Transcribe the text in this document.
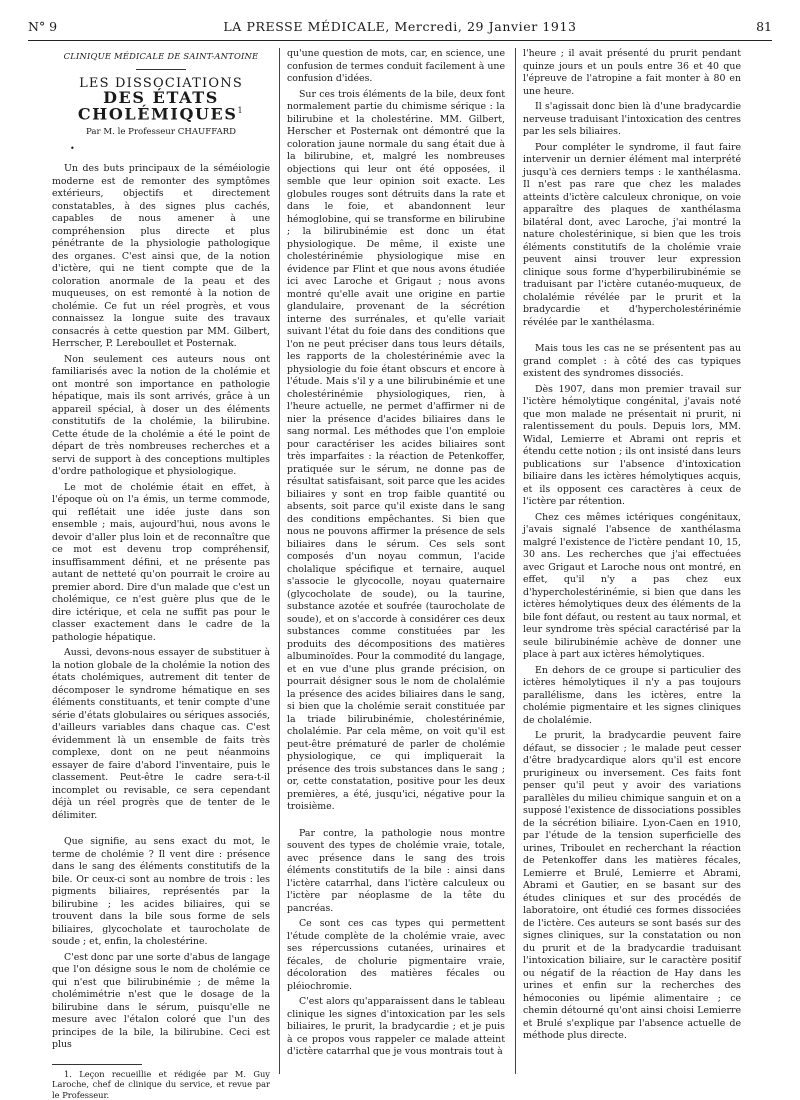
N° 9	LA PRESSE MÉDICALE, Mercredi, 29 Janvier 1913	81
CLINIQUE MÉDICALE DE SAINT-ANTOINE
LES DISSOCIATIONS
DES ÉTATS CHOLÉMIQUES$^1$
Par M. le Professeur CHAUFFARD
•

Un des buts principaux de la séméiologie moderne est de remonter des symptômes extérieurs, objectifs et directement constatables, à des signes plus cachés, capables de nous amener à une compréhension plus directe et plus pénétrante de la physiologie pathologique des organes. C'est ainsi que, de la notion d'ictère, qui ne tient compte que de la coloration anormale de la peau et des muqueuses, on est remonté à la notion de cholémie. Ce fut un réel progrès, et vous connaissez la longue suite des travaux consacrés à cette question par MM. Gilbert, Herrscher, P. Lereboullet et Posternak.

Non seulement ces auteurs nous ont familiarisés avec la notion de la cholémie et ont montré son importance en pathologie hépatique, mais ils sont arrivés, grâce à un appareil spécial, à doser un des éléments constitutifs de la cholémie, la bilirubine. Cette étude de la cholémie a été le point de départ de très nombreuses recherches et a servi de support à des conceptions multiples d'ordre pathologique et physiologique.

Le mot de cholémie était en effet, à l'époque où on l'a émis, un terme commode, qui reflétait une idée juste dans son ensemble ; mais, aujourd'hui, nous avons le devoir d'aller plus loin et de reconnaître que ce mot est devenu trop compréhensif, insuffisamment défini, et ne présente pas autant de netteté qu'on pourrait le croire au premier abord. Dire d'un malade que c'est un cholémique, ce n'est guère plus que de le dire ictérique, et cela ne suffit pas pour le classer exactement dans le cadre de la pathologie hépatique.

Aussi, devons-nous essayer de substituer à la notion globale de la cholémie la notion des états cholémiques, autrement dit tenter de décomposer le syndrome hématique en ses éléments constituants, et tenir compte d'une série d'états globulaires ou sériques associés, d'ailleurs variables dans chaque cas. C'est évidemment là un ensemble de faits très complexe, dont on ne peut néanmoins essayer de faire d'abord l'inventaire, puis le classement. Peut-être le cadre sera-t-il incomplet ou revisable, ce sera cependant déjà un réel progrès que de tenter de le délimiter.

Que signifie, au sens exact du mot, le terme de cholémie ? Il vent dire : présence dans le sang des éléments constitutifs de la bile. Or ceux-ci sont au nombre de trois : les pigments biliaires, représentés par la bilirubine ; les acides biliaires, qui se trouvent dans la bile sous forme de sels biliaires, glycocholate et taurocholate de soude ; et, enfin, la cholestérine.

C'est donc par une sorte d'abus de langage que l'on désigne sous le nom de cholémie ce qui n'est que bilirubinémie ; de même la cholémimétrie n'est que le dosage de la bilirubine dans le sérum, puisqu'elle ne mesure avec l'étalon coloré que l'un des principes de la bile, la bilirubine. Ceci est plus

1. Leçon recueillie et rédigée par M. Guy Laroche, chef de clinique du service, et revue par le Professeur.

qu'une question de mots, car, en science, une confusion de termes conduit facilement à une confusion d'idées.

Sur ces trois éléments de la bile, deux font normalement partie du chimisme sérique : la bilirubine et la cholestérine. MM. Gilbert, Herscher et Posternak ont démontré que la coloration jaune normale du sang était due à la bilirubine, et, malgré les nombreuses objections qui leur ont été opposées, il semble que leur opinion soit exacte. Les globules rouges sont détruits dans la rate et dans le foie, et abandonnent leur hémoglobine, qui se transforme en bilirubine ; la bilirubinémie est donc un état physiologique. De même, il existe une cholestérinémie physiologique mise en évidence par Flint et que nous avons étudiée ici avec Laroche et Grigaut ; nous avons montré qu'elle avait une origine en partie glandulaire, provenant de la sécrétion interne des surrénales, et qu'elle variait suivant l'état du foie dans des conditions que l'on ne peut préciser dans tous leurs détails, les rapports de la cholestérinémie avec la physiologie du foie étant obscurs et encore à l'étude. Mais s'il y a une bilirubinémie et une cholestérinémie physiologiques, rien, à l'heure actuelle, ne permet d'affirmer ni de nier la présence d'acides biliaires dans le sang normal. Les méthodes que l'on emploie pour caractériser les acides biliaires sont très imparfaites : la réaction de Petenkoffer, pratiquée sur le sérum, ne donne pas de résultat satisfaisant, soit parce que les acides biliaires y sont en trop faible quantité ou absents, soit parce qu'il existe dans le sang des conditions empêchantes. Si bien que nous ne pouvons affirmer la présence de sels biliaires dans le sérum. Ces sels sont composés d'un noyau commun, l'acide cholalique spécifique et ternaire, auquel s'associe le glycocolle, noyau quaternaire (glycocholate de soude), ou la taurine, substance azotée et soufrée (taurocholate de soude), et on s'accorde à considérer ces deux substances comme constituées par les produits des décompositions des matières albuminoïdes. Pour la commodité du langage, et en vue d'une plus grande précision, on pourrait désigner sous le nom de cholalémie la présence des acides biliaires dans le sang, si bien que la cholémie serait constituée par la triade bilirubinémie, cholestérinémie, cholalémie. Par cela même, on voit qu'il est peut-être prématuré de parler de cholémie physiologique, ce qui impliquerait la présence des trois substances dans le sang ; or, cette constatation, positive pour les deux premières, a été, jusqu'ici, négative pour la troisième.

Par contre, la pathologie nous montre souvent des types de cholémie vraie, totale, avec présence dans le sang des trois éléments constitutifs de la bile : ainsi dans l'ictère catarrhal, dans l'ictère calculeux ou l'ictère par néoplasme de la tête du pancréas.

Ce sont ces cas types qui permettent l'étude complète de la cholémie vraie, avec ses répercussions cutanées, urinaires et fécales, de cholurie pigmentaire vraie, décoloration des matières fécales ou pléiochromie.

C'est alors qu'apparaissent dans le tableau clinique les signes d'intoxication par les sels biliaires, le prurit, la bradycardie ; et je puis à ce propos vous rappeler ce malade atteint d'ictère catarrhal que je vous montrais tout à

l'heure ; il avait présenté du prurit pendant quinze jours et un pouls entre 36 et 40 que l'épreuve de l'atropine a fait monter à 80 en une heure.

Il s'agissait donc bien là d'une bradycardie nerveuse traduisant l'intoxication des centres par les sels biliaires.

Pour compléter le syndrome, il faut faire intervenir un dernier élément mal interprété jusqu'à ces derniers temps : le xanthélasma. Il n'est pas rare que chez les malades atteints d'ictère calculeux chronique, on voie apparaître des plaques de xanthélasma bilatéral dont, avec Laroche, j'ai montré la nature cholestérinique, si bien que les trois éléments constitutifs de la cholémie vraie peuvent ainsi trouver leur expression clinique sous forme d'hyperbilirubinémie se traduisant par l'ictère cutanéo-muqueux, de cholalémie révélée par le prurit et la bradycardie et d'hypercholestérinémie révélée par le xanthélasma.

Mais tous les cas ne se présentent pas au grand complet : à côté des cas typiques existent des syndromes dissociés.

Dès 1907, dans mon premier travail sur l'ictère hémolytique congénital, j'avais noté que mon malade ne présentait ni prurit, ni ralentissement du pouls. Depuis lors, MM. Widal, Lemierre et Abrami ont repris et étendu cette notion ; ils ont insisté dans leurs publications sur l'absence d'intoxication biliaire dans les ictères hémolytiques acquis, et ils opposent ces caractères à ceux de l'ictère par rétention.

Chez ces mêmes ictériques congénitaux, j'avais signalé l'absence de xanthélasma malgré l'existence de l'ictère pendant 10, 15, 30 ans. Les recherches que j'ai effectuées avec Grigaut et Laroche nous ont montré, en effet, qu'il n'y a pas chez eux d'hypercholestérinémie, si bien que dans les ictères hémolytiques deux des éléments de la bile font défaut, ou restent au taux normal, et leur syndrome très spécial caractérisé par la seule bilirubinémie achève de donner une place à part aux ictères hémolytiques.

En dehors de ce groupe si particulier des ictères hémolytiques il n'y a pas toujours parallélisme, dans les ictères, entre la cholémie pigmentaire et les signes cliniques de cholalémie.

Le prurit, la bradycardie peuvent faire défaut, se dissocier ; le malade peut cesser d'être bradycardique alors qu'il est encore prurigineux ou inversement. Ces faits font penser qu'il peut y avoir des variations parallèles du milieu chimique sanguin et on a supposé l'existence de dissociations possibles de la sécrétion biliaire. Lyon-Caen en 1910, par l'étude de la tension superficielle des urines, Triboulet en recherchant la réaction de Petenkoffer dans les matières fécales, Lemierre et Brulé, Lemierre et Abrami, Abrami et Gautier, en se basant sur des études cliniques et sur des procédés de laboratoire, ont étudié ces formes dissociées de l'ictère. Ces auteurs se sont basés sur des signes cliniques, sur la constatation ou non du prurit et de la bradycardie traduisant l'intoxication biliaire, sur le caractère positif ou négatif de la réaction de Hay dans les urines et enfin sur la recherches des hémoconies ou lipémie alimentaire ; ce chemin détourné qu'ont ainsi choisi Lemierre et Brulé s'explique par l'absence actuelle de méthode plus directe.
